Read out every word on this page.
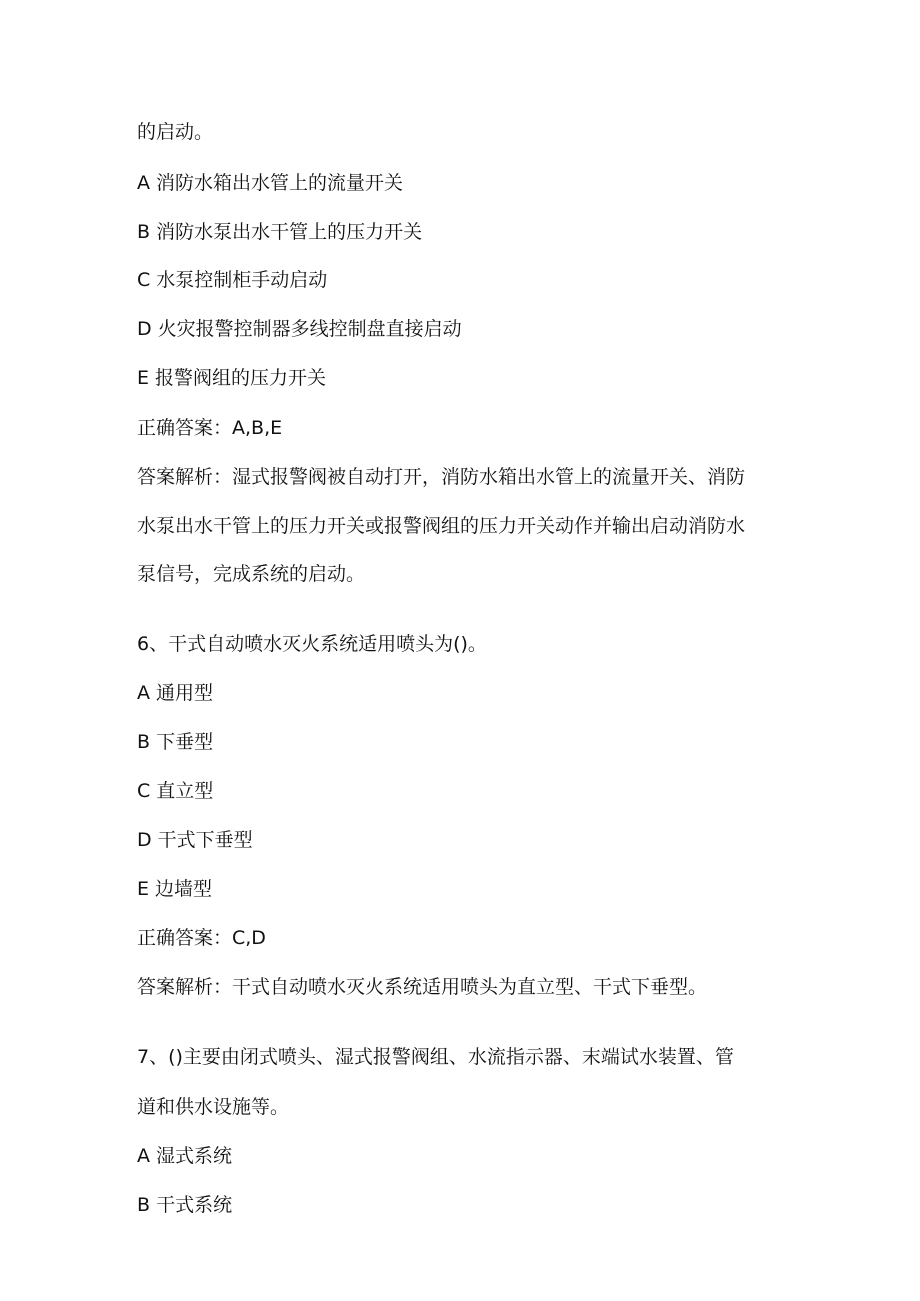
的启动。

A 消防水箱出水管上的流量开关

B 消防水泵出水干管上的压力开关

C 水泵控制柜手动启动

D 火灾报警控制器多线控制盘直接启动

E 报警阀组的压力开关

正确答案：A,B,E

答案解析：湿式报警阀被自动打开，消防水箱出水管上的流量开关、消防

水泵出水干管上的压力开关或报警阀组的压力开关动作并输出启动消防水

泵信号，完成系统的启动。

6、干式自动喷水灭火系统适用喷头为()。

A 通用型

B 下垂型

C 直立型

D 干式下垂型

E 边墙型

正确答案：C,D

答案解析：干式自动喷水灭火系统适用喷头为直立型、干式下垂型。

7、()主要由闭式喷头、湿式报警阀组、水流指示器、末端试水装置、管

道和供水设施等。

A 湿式系统

B 干式系统
